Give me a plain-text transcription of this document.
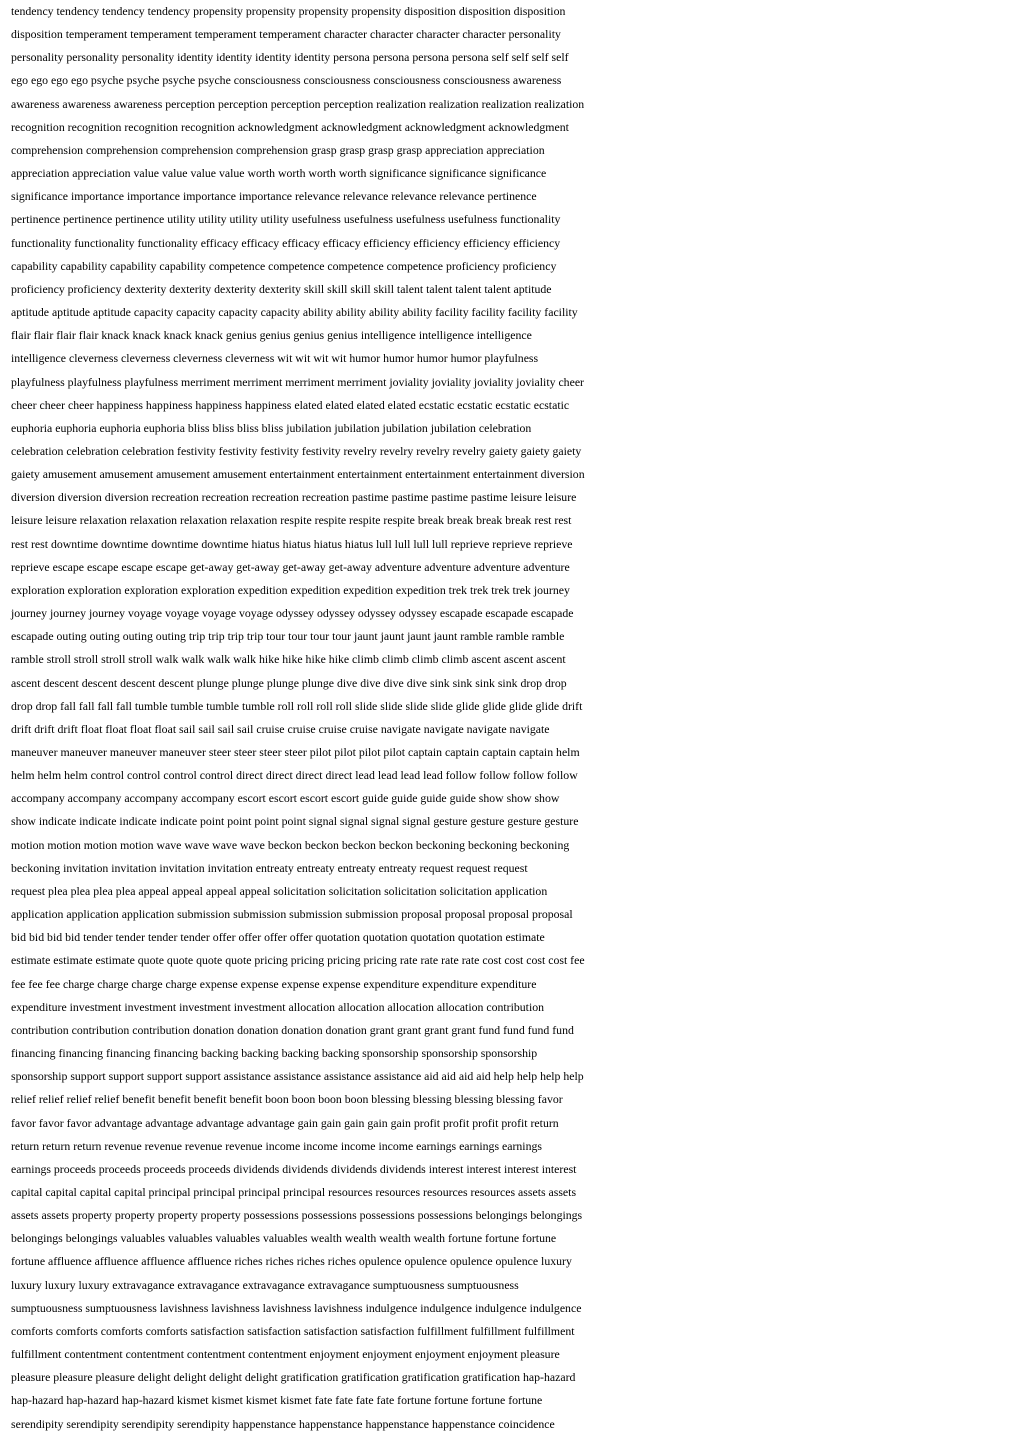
tendency tendency tendency tendency propensity propensity propensity propensity disposition disposition disposition
disposition temperament temperament temperament temperament character character character character personality
personality personality personality identity identity identity identity persona persona persona persona self self self self
ego ego ego ego psyche psyche psyche psyche consciousness consciousness consciousness consciousness awareness
awareness awareness awareness perception perception perception perception realization realization realization realization
recognition recognition recognition recognition acknowledgment acknowledgment acknowledgment acknowledgment
comprehension comprehension comprehension comprehension grasp grasp grasp grasp appreciation appreciation
appreciation appreciation value value value value worth worth worth worth significance significance significance
significance importance importance importance importance relevance relevance relevance relevance pertinence
pertinence pertinence pertinence utility utility utility utility usefulness usefulness usefulness usefulness functionality
functionality functionality functionality efficacy efficacy efficacy efficacy efficiency efficiency efficiency efficiency
capability capability capability capability competence competence competence competence proficiency proficiency
proficiency proficiency dexterity dexterity dexterity dexterity skill skill skill skill talent talent talent talent aptitude
aptitude aptitude aptitude capacity capacity capacity capacity ability ability ability ability facility facility facility facility
flair flair flair flair knack knack knack knack genius genius genius genius intelligence intelligence intelligence
intelligence cleverness cleverness cleverness cleverness wit wit wit wit humor humor humor humor playfulness
playfulness playfulness playfulness merriment merriment merriment merriment joviality joviality joviality joviality cheer
cheer cheer cheer happiness happiness happiness happiness elated elated elated elated ecstatic ecstatic ecstatic ecstatic
euphoria euphoria euphoria euphoria bliss bliss bliss bliss jubilation jubilation jubilation jubilation celebration
celebration celebration celebration festivity festivity festivity festivity revelry revelry revelry revelry gaiety gaiety gaiety
gaiety amusement amusement amusement amusement entertainment entertainment entertainment entertainment diversion
diversion diversion diversion recreation recreation recreation recreation pastime pastime pastime pastime leisure leisure
leisure leisure relaxation relaxation relaxation relaxation respite respite respite respite break break break break rest rest
rest rest downtime downtime downtime downtime hiatus hiatus hiatus hiatus lull lull lull lull reprieve reprieve reprieve
reprieve escape escape escape escape get-away get-away get-away get-away adventure adventure adventure adventure
exploration exploration exploration exploration expedition expedition expedition expedition trek trek trek trek journey
journey journey journey voyage voyage voyage voyage odyssey odyssey odyssey odyssey escapade escapade escapade
escapade outing outing outing outing trip trip trip trip tour tour tour tour jaunt jaunt jaunt jaunt ramble ramble ramble
ramble stroll stroll stroll stroll walk walk walk walk hike hike hike hike climb climb climb climb ascent ascent ascent
ascent descent descent descent descent plunge plunge plunge plunge dive dive dive dive sink sink sink sink drop drop
drop drop fall fall fall fall tumble tumble tumble tumble roll roll roll roll slide slide slide slide glide glide glide glide drift
drift drift drift float float float float sail sail sail sail cruise cruise cruise cruise navigate navigate navigate navigate
maneuver maneuver maneuver maneuver steer steer steer steer pilot pilot pilot pilot captain captain captain captain helm
helm helm helm control control control control direct direct direct direct lead lead lead lead follow follow follow follow
accompany accompany accompany accompany escort escort escort escort guide guide guide guide show show show
show indicate indicate indicate indicate point point point point signal signal signal signal gesture gesture gesture gesture
motion motion motion motion wave wave wave wave beckon beckon beckon beckon beckoning beckoning beckoning
beckoning invitation invitation invitation invitation entreaty entreaty entreaty entreaty request request request
request plea plea plea plea appeal appeal appeal appeal solicitation solicitation solicitation solicitation application
application application application submission submission submission submission proposal proposal proposal proposal
bid bid bid bid tender tender tender tender offer offer offer offer quotation quotation quotation quotation estimate
estimate estimate estimate quote quote quote quote pricing pricing pricing pricing rate rate rate rate cost cost cost cost fee
fee fee fee charge charge charge charge expense expense expense expense expenditure expenditure expenditure
expenditure investment investment investment investment allocation allocation allocation allocation contribution
contribution contribution contribution donation donation donation donation grant grant grant grant fund fund fund fund
financing financing financing financing backing backing backing backing sponsorship sponsorship sponsorship
sponsorship support support support support assistance assistance assistance assistance aid aid aid aid help help help help
relief relief relief relief benefit benefit benefit benefit boon boon boon boon blessing blessing blessing blessing favor
favor favor favor advantage advantage advantage advantage gain gain gain gain gain profit profit profit profit return
return return return revenue revenue revenue revenue income income income income earnings earnings earnings
earnings proceeds proceeds proceeds proceeds dividends dividends dividends dividends interest interest interest interest
capital capital capital capital principal principal principal principal resources resources resources resources assets assets
assets assets property property property property possessions possessions possessions possessions belongings belongings
belongings belongings valuables valuables valuables valuables wealth wealth wealth wealth fortune fortune fortune
fortune affluence affluence affluence affluence riches riches riches riches opulence opulence opulence opulence luxury
luxury luxury luxury extravagance extravagance extravagance extravagance sumptuousness sumptuousness
sumptuousness sumptuousness lavishness lavishness lavishness lavishness indulgence indulgence indulgence indulgence
comforts comforts comforts comforts satisfaction satisfaction satisfaction satisfaction fulfillment fulfillment fulfillment
fulfillment contentment contentment contentment contentment enjoyment enjoyment enjoyment enjoyment pleasure
pleasure pleasure pleasure delight delight delight delight gratification gratification gratification gratification hap-hazard
hap-hazard hap-hazard hap-hazard kismet kismet kismet kismet fate fate fate fate fortune fortune fortune fortune
serendipity serendipity serendipity serendipity happenstance happenstance happenstance happenstance coincidence
